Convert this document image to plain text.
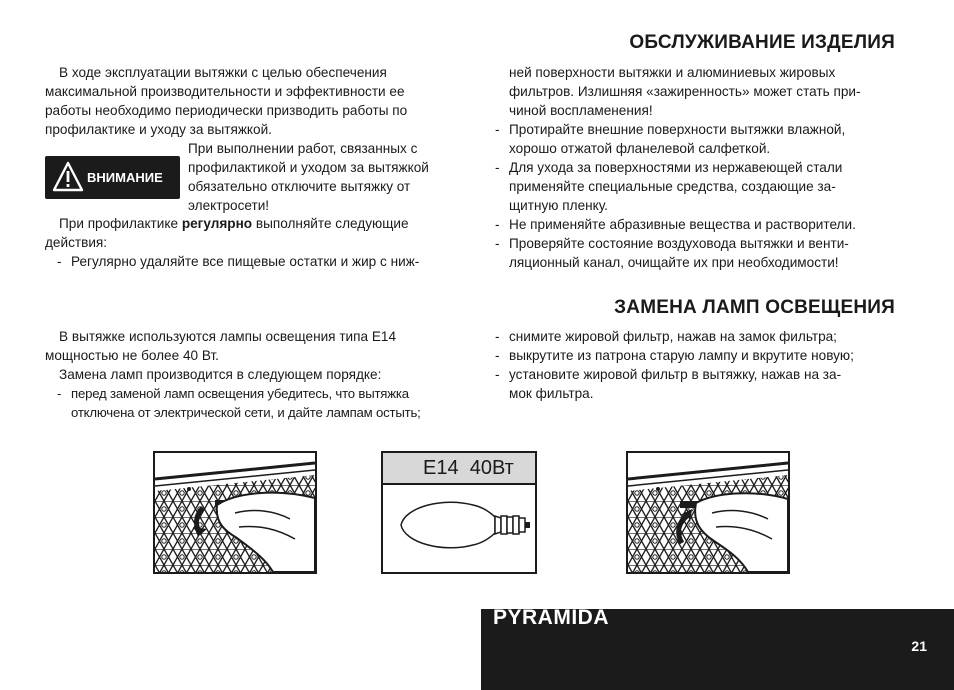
ОБСЛУЖИВАНИЕ ИЗДЕЛИЯ
В ходе эксплуатации вытяжки с целью обеспечения
максимальной производительности и эффективности ее
работы необходимо периодически призводить работы по
профилактике и уходу за вытяжкой.
ВНИМАНИЕ
При выполнении работ, связанных с
профилактикой и уходом за вытяжкой
обязательно отключите вытяжку от
электросети!
При профилактике регулярно выполняйте следующие
действия:
- Регулярно удаляйте все пищевые остатки и жир с ниж-
ней поверхности вытяжки и алюминиевых жировых
фильтров. Излишняя «зажиренность» может стать при-
чиной воспламенения!
- Протирайте внешние поверхности вытяжки влажной,
хорошо отжатой фланелевой салфеткой.
- Для ухода за поверхностями из нержавеющей стали
применяйте специальные средства, создающие за-
щитную пленку.
- Не применяйте абразивные вещества и растворители.
- Проверяйте состояние воздуховода вытяжки и венти-
ляционный канал, очищайте их при необходимости!
ЗАМЕНА ЛАМП ОСВЕЩЕНИЯ
В вытяжке используются лампы освещения типа E14
мощностью не более 40 Вт.
Замена ламп производится в следующем порядке:
- перед заменой ламп освещения убедитесь, что вытяжка
отключена от электрической сети, и дайте лампам остыть;
- снимите жировой фильтр, нажав на замок фильтра;
- выкрутите из патрона старую лампу и вкрутите новую;
- установите жировой фильтр в вытяжку, нажав на за-
мок фильтра.
E14  40Вт
PYRAMIDA
21
